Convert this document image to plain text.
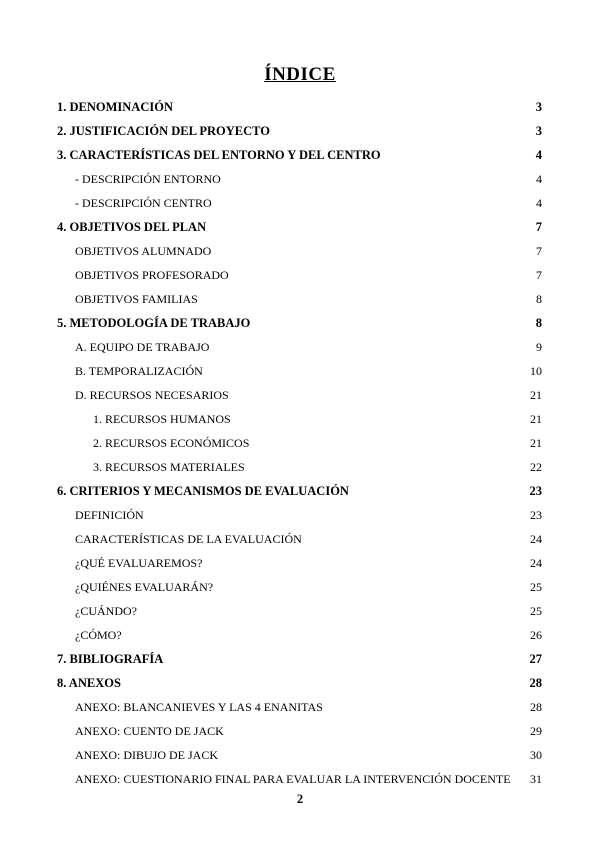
ÍNDICE
1. DENOMINACIÓN	3
2. JUSTIFICACIÓN DEL PROYECTO	3
3. CARACTERÍSTICAS DEL ENTORNO Y DEL CENTRO	4
- DESCRIPCIÓN ENTORNO	4
- DESCRIPCIÓN CENTRO	4
4. OBJETIVOS DEL PLAN	7
OBJETIVOS ALUMNADO	7
OBJETIVOS PROFESORADO	7
OBJETIVOS FAMILIAS	8
5. METODOLOGÍA DE TRABAJO	8
A. EQUIPO DE TRABAJO	9
B. TEMPORALIZACIÓN	10
D. RECURSOS NECESARIOS	21
1. RECURSOS HUMANOS	21
2. RECURSOS ECONÓMICOS	21
3. RECURSOS MATERIALES	22
6. CRITERIOS Y MECANISMOS DE EVALUACIÓN	23
DEFINICIÓN	23
CARACTERÍSTICAS DE LA EVALUACIÓN	24
¿QUÉ EVALUAREMOS?	24
¿QUIÉNES EVALUARÁN?	25
¿CUÁNDO?	25
¿CÓMO?	26
7. BIBLIOGRAFÍA	27
8. ANEXOS	28
ANEXO: BLANCANIEVES Y LAS 4 ENANITAS	28
ANEXO: CUENTO DE JACK	29
ANEXO: DIBUJO DE JACK	30
ANEXO: CUESTIONARIO FINAL PARA EVALUAR LA INTERVENCIÓN DOCENTE	31
2
